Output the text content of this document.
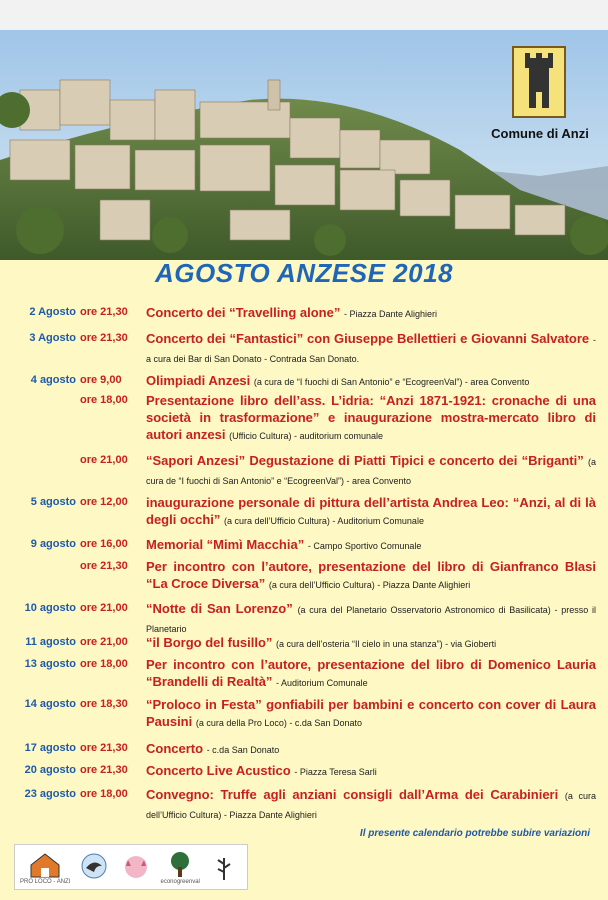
Comune di Anzi
AGOSTO ANZESE 2018
2 Agosto ore 21,30	Concerto dei “Travelling alone” - Piazza Dante Alighieri
3 Agosto ore 21,30	Concerto dei “Fantastici” con Giuseppe Bellettieri e Giovanni Salvatore - a cura dei Bar di San Donato - Contrada San Donato.
4 agosto ore 9,00	Olimpiadi Anzesi (a cura de “I fuochi di San Antonio” e “EcogreenVal”) - area Convento
ore 18,00	Presentazione libro dell’ass. L’idria: “Anzi 1871-1921: cronache di una società in trasformazione” e inaugurazione mostra-mercato libro di autori anzesi (Ufficio Cultura) - auditorium comunale
ore 21,00	“Sapori Anzesi” Degustazione di Piatti Tipici e concerto dei “Briganti” (a cura de “I fuochi di San Antonio” e “EcogreenVal”) - area Convento
5 agosto ore 12,00	inaugurazione personale di pittura dell’artista Andrea Leo: “Anzi, al di là degli occhi” (a cura dell’Ufficio Cultura) - Auditorium Comunale
9 agosto ore 16,00	Memorial “Mimì Macchia” - Campo Sportivo Comunale
ore 21,30	Per incontro con l’autore, presentazione del libro di Gianfranco Blasi “La Croce Diversa” (a cura dell’Ufficio Cultura) - Piazza Dante Alighieri
10 agosto ore 21,00	“Notte di San Lorenzo” (a cura del Planetario Osservatorio Astronomico di Basilicata) - presso il Planetario
11 agosto ore 21,00	“il Borgo del fusillo” (a cura dell’osteria “Il cielo in una stanza”) - via Gioberti
13 agosto ore 18,00	Per incontro con l’autore, presentazione del libro di Domenico Lauria “Brandelli di Realtà” - Auditorium Comunale
14 agosto ore 18,30	“Proloco in Festa” gonfiabili per bambini e concerto con cover di Laura Pausini (a cura della Pro Loco) - c.da San Donato
17 agosto ore 21,30	Concerto - c.da San Donato
20 agosto ore 21,30	Concerto Live Acustico - Piazza Teresa Sarli
23 agosto ore 18,00	Convegno: Truffe agli anziani consigli dall’Arma dei Carabinieri (a cura dell’Ufficio Cultura) - Piazza Dante Alighieri
Il presente calendario potrebbe subire variazioni
PRO LOCO - ANZI	econogreenval
